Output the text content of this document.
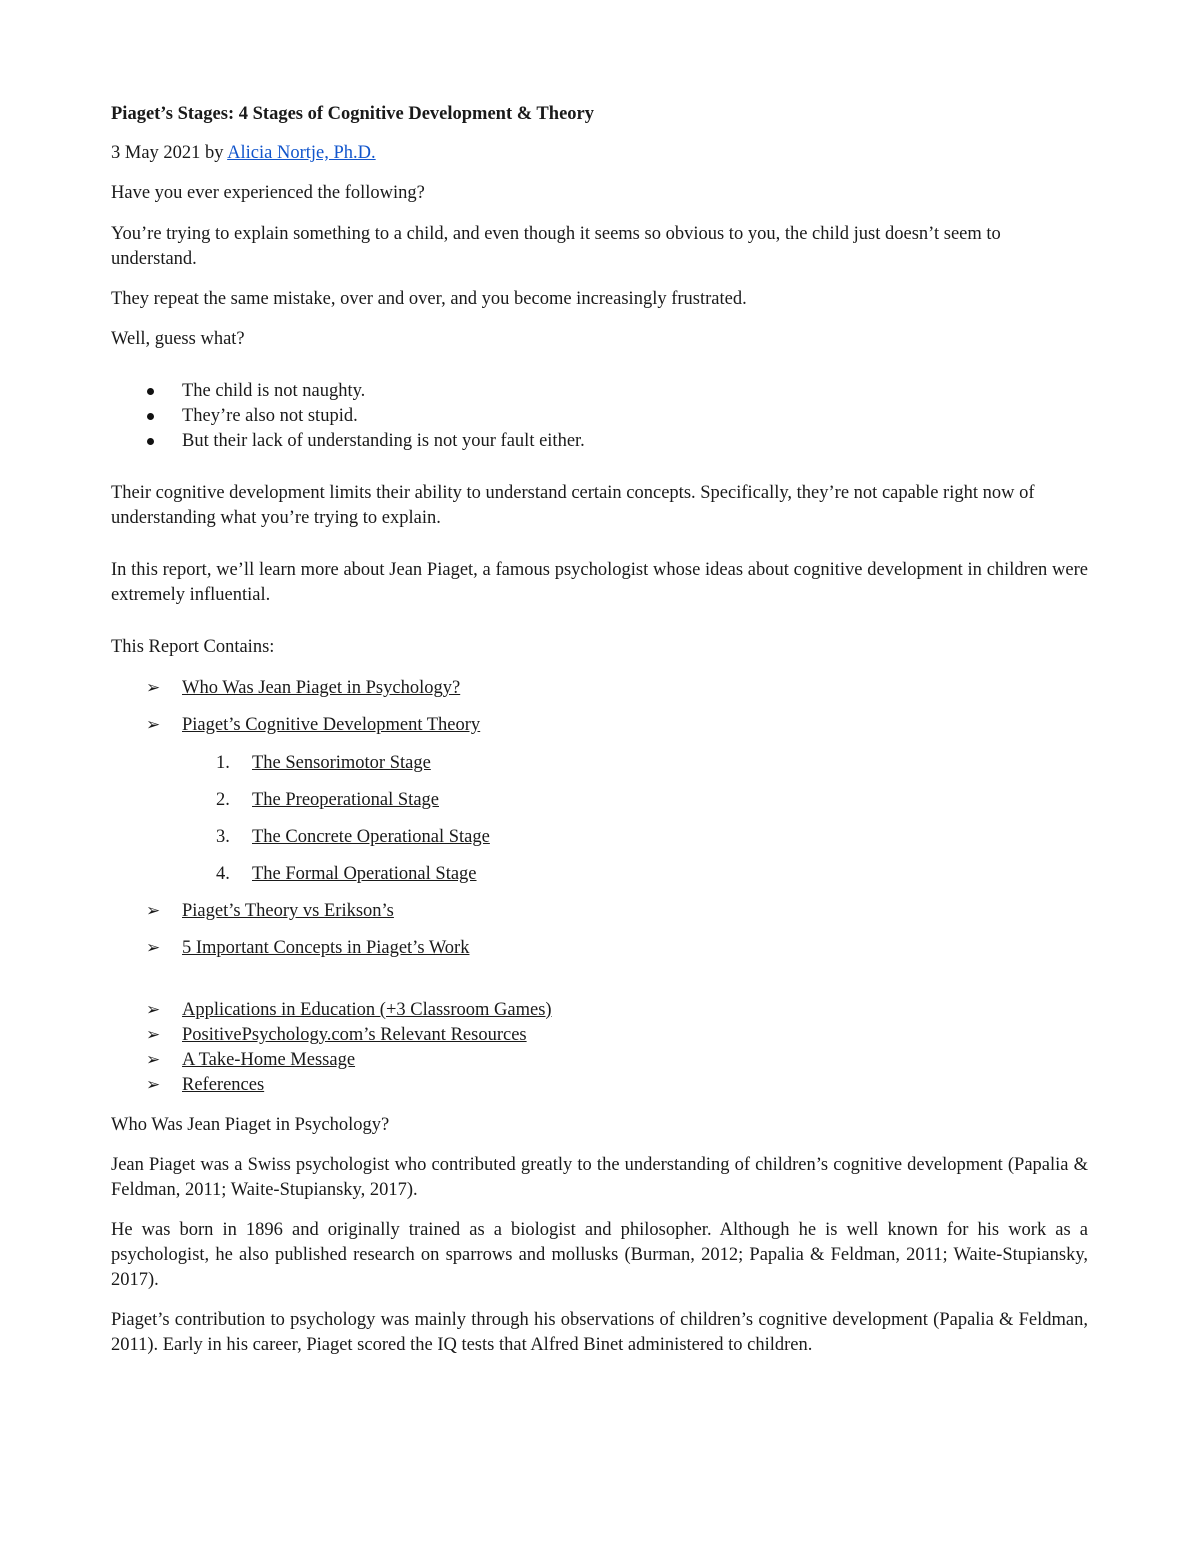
Piaget’s Stages: 4 Stages of Cognitive Development & Theory

3 May 2021 by Alicia Nortje, Ph.D.

Have you ever experienced the following?

You’re trying to explain something to a child, and even though it seems so obvious to you, the child just doesn’t seem to understand.

They repeat the same mistake, over and over, and you become increasingly frustrated.

Well, guess what?

The child is not naughty.
They’re also not stupid.
But their lack of understanding is not your fault either.

Their cognitive development limits their ability to understand certain concepts. Specifically, they’re not capable right now of understanding what you’re trying to explain.

In this report, we’ll learn more about Jean Piaget, a famous psychologist whose ideas about cognitive development in children were extremely influential.

This Report Contains:

➢ Who Was Jean Piaget in Psychology?
➢ Piaget’s Cognitive Development Theory
1. The Sensorimotor Stage
2. The Preoperational Stage
3. The Concrete Operational Stage
4. The Formal Operational Stage
➢ Piaget’s Theory vs Erikson’s
➢ 5 Important Concepts in Piaget’s Work
➢ Applications in Education (+3 Classroom Games)
➢ PositivePsychology.com’s Relevant Resources
➢ A Take-Home Message
➢ References

Who Was Jean Piaget in Psychology?

Jean Piaget was a Swiss psychologist who contributed greatly to the understanding of children’s cognitive development (Papalia & Feldman, 2011; Waite-Stupiansky, 2017).

He was born in 1896 and originally trained as a biologist and philosopher. Although he is well known for his work as a psychologist, he also published research on sparrows and mollusks (Burman, 2012; Papalia & Feldman, 2011; Waite-Stupiansky, 2017).

Piaget’s contribution to psychology was mainly through his observations of children’s cognitive development (Papalia & Feldman, 2011). Early in his career, Piaget scored the IQ tests that Alfred Binet administered to children.
